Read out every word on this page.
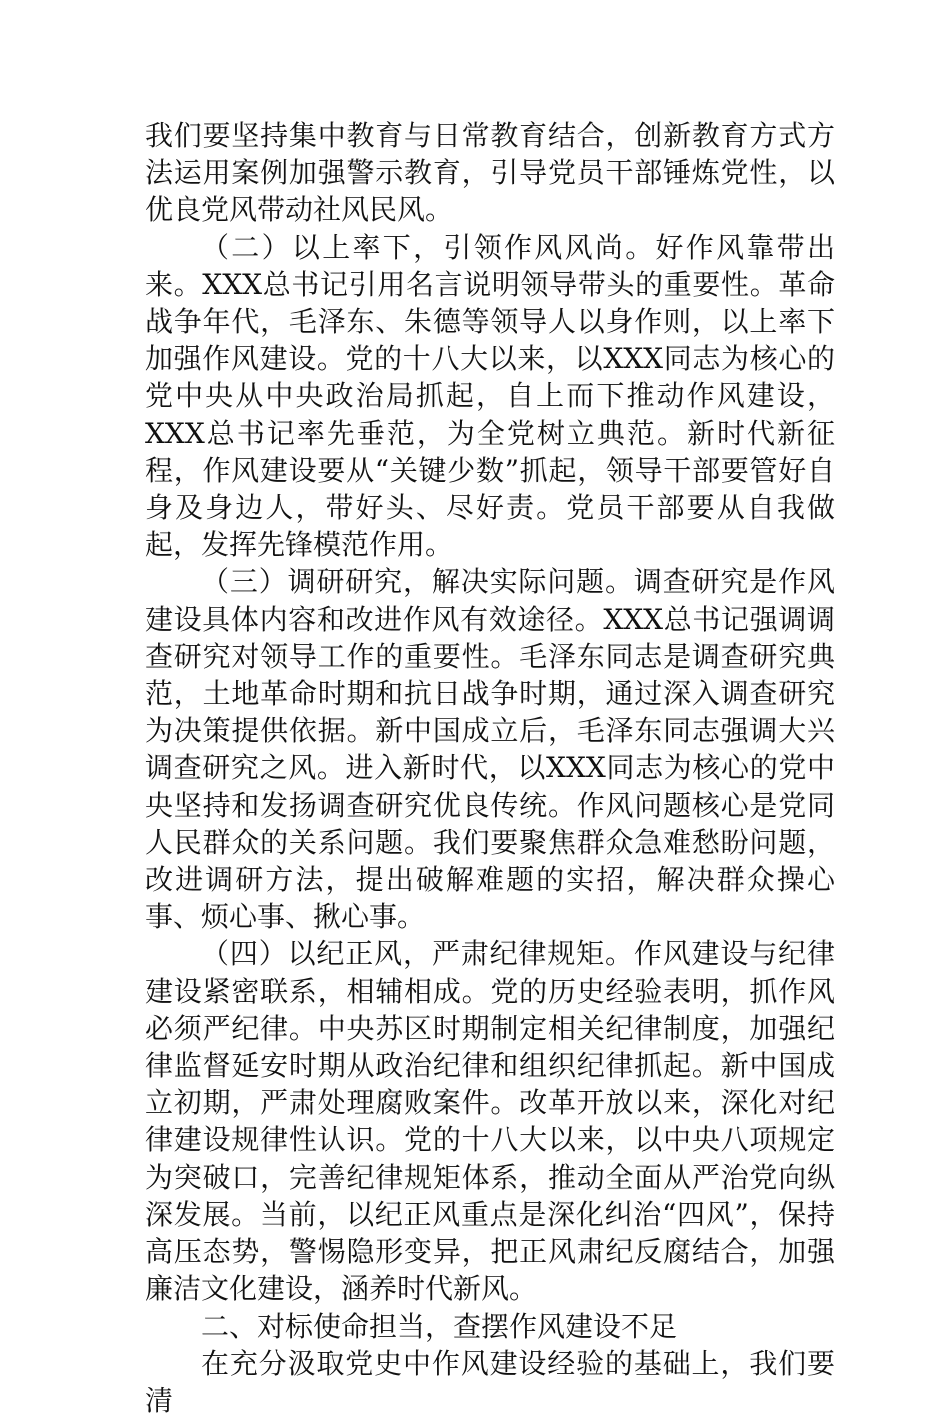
我们要坚持集中教育与日常教育结合，创新教育方式方法运用案例加强警示教育，引导党员干部锤炼党性，以优良党风带动社风民风。

（二）以上率下，引领作风风尚。好作风靠带出来。XXX总书记引用名言说明领导带头的重要性。革命战争年代，毛泽东、朱德等领导人以身作则，以上率下加强作风建设。党的十八大以来，以XXX同志为核心的党中央从中央政治局抓起，自上而下推动作风建设，XXX总书记率先垂范，为全党树立典范。新时代新征程，作风建设要从“关键少数”抓起，领导干部要管好自身及身边人，带好头、尽好责。党员干部要从自我做起，发挥先锋模范作用。

（三）调研研究，解决实际问题。调查研究是作风建设具体内容和改进作风有效途径。XXX总书记强调调查研究对领导工作的重要性。毛泽东同志是调查研究典范，土地革命时期和抗日战争时期，通过深入调查研究为决策提供依据。新中国成立后，毛泽东同志强调大兴调查研究之风。进入新时代，以XXX同志为核心的党中央坚持和发扬调查研究优良传统。作风问题核心是党同人民群众的关系问题。我们要聚焦群众急难愁盼问题，改进调研方法，提出破解难题的实招，解决群众操心事、烦心事、揪心事。

（四）以纪正风，严肃纪律规矩。作风建设与纪律建设紧密联系，相辅相成。党的历史经验表明，抓作风必须严纪律。中央苏区时期制定相关纪律制度，加强纪律监督延安时期从政治纪律和组织纪律抓起。新中国成立初期，严肃处理腐败案件。改革开放以来，深化对纪律建设规律性认识。党的十八大以来，以中央八项规定为突破口，完善纪律规矩体系，推动全面从严治党向纵深发展。当前，以纪正风重点是深化纠治“四风”，保持高压态势，警惕隐形变异，把正风肃纪反腐结合，加强廉洁文化建设，涵养时代新风。

二、对标使命担当，查摆作风建设不足

在充分汲取党史中作风建设经验的基础上，我们要清
